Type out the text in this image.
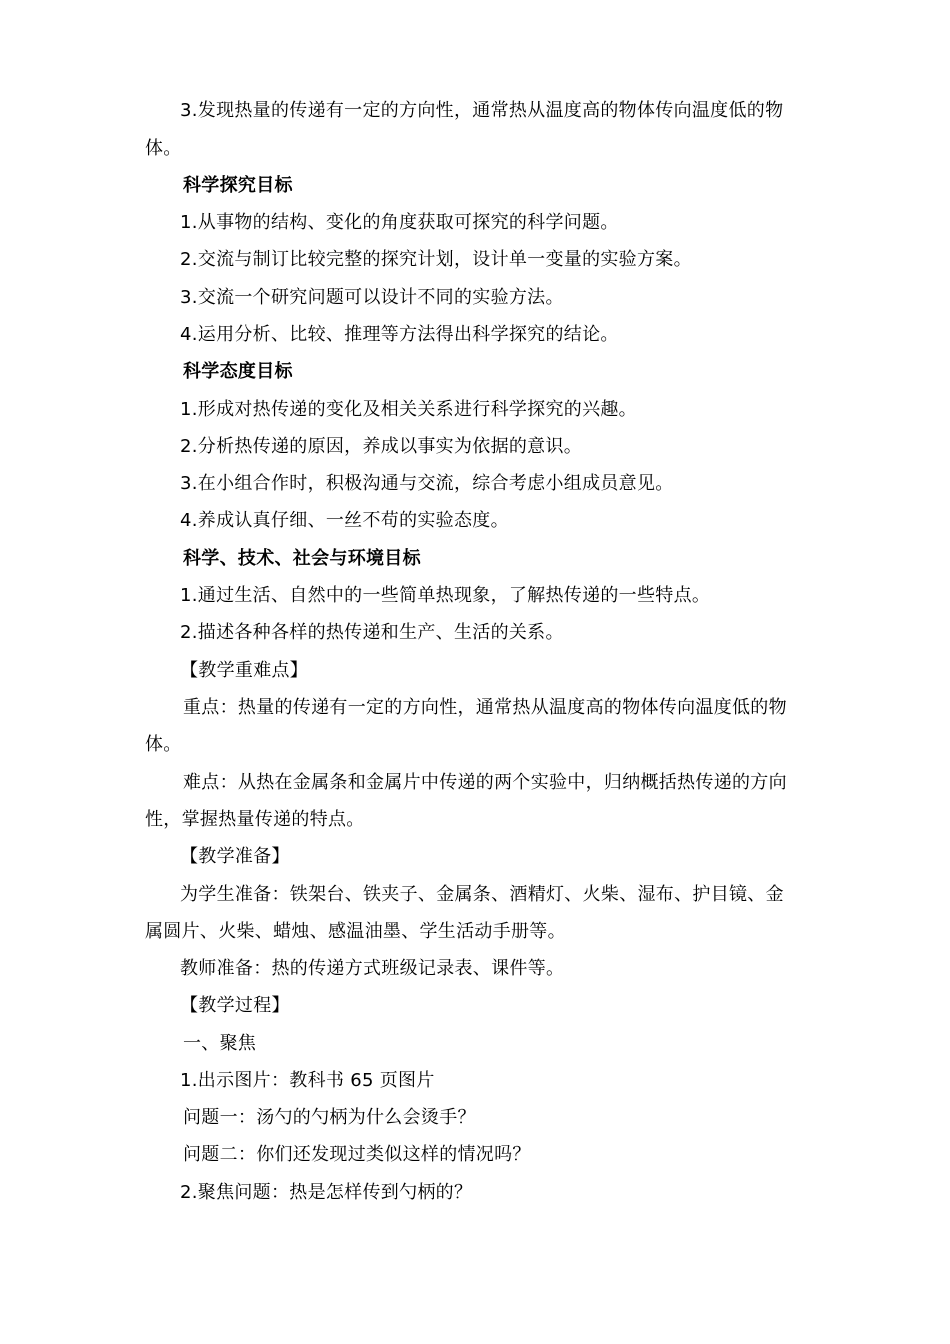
3.发现热量的传递有一定的方向性，通常热从温度高的物体传向温度低的物
体。
科学探究目标
1.从事物的结构、变化的角度获取可探究的科学问题。
2.交流与制订比较完整的探究计划，设计单一变量的实验方案。
3.交流一个研究问题可以设计不同的实验方法。
4.运用分析、比较、推理等方法得出科学探究的结论。
科学态度目标
1.形成对热传递的变化及相关关系进行科学探究的兴趣。
2.分析热传递的原因，养成以事实为依据的意识。
3.在小组合作时，积极沟通与交流，综合考虑小组成员意见。
4.养成认真仔细、一丝不苟的实验态度。
科学、技术、社会与环境目标
1.通过生活、自然中的一些简单热现象，了解热传递的一些特点。
2.描述各种各样的热传递和生产、生活的关系。
【教学重难点】
重点：热量的传递有一定的方向性，通常热从温度高的物体传向温度低的物
体。
难点：从热在金属条和金属片中传递的两个实验中，归纳概括热传递的方向
性，掌握热量传递的特点。
【教学准备】
为学生准备：铁架台、铁夹子、金属条、酒精灯、火柴、湿布、护目镜、金
属圆片、火柴、蜡烛、感温油墨、学生活动手册等。
教师准备：热的传递方式班级记录表、课件等。
【教学过程】
一、聚焦
1.出示图片：教科书 65 页图片
问题一：汤勺的勺柄为什么会烫手？
问题二：你们还发现过类似这样的情况吗？
2.聚焦问题：热是怎样传到勺柄的？
